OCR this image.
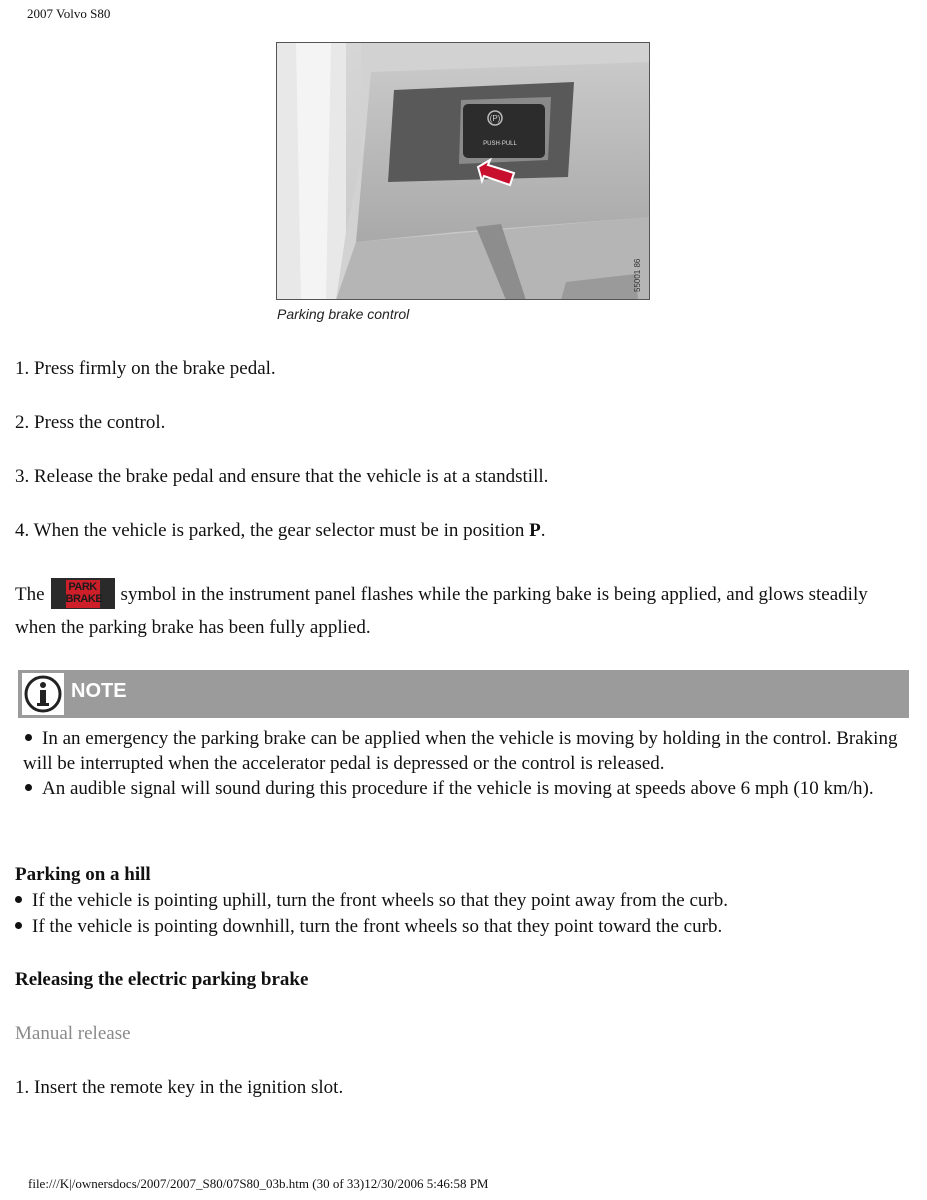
2007 Volvo S80
(P)
PUSH·PULL
55001 86
Parking brake control

1. Press firmly on the brake pedal.

2. Press the control.

3. Release the brake pedal and ensure that the vehicle is at a standstill.

4. When the vehicle is parked, the gear selector must be in position P.

The PARK
BRAKE symbol in the instrument panel flashes while the parking bake is being applied, and glows steadily when the parking brake has been fully applied.

NOTE
In an emergency the parking brake can be applied when the vehicle is moving by holding in the control. Braking will be interrupted when the accelerator pedal is depressed or the control is released.
An audible signal will sound during this procedure if the vehicle is moving at speeds above 6 mph (10 km/h).

Parking on a hill

If the vehicle is pointing uphill, turn the front wheels so that they point away from the curb.
If the vehicle is pointing downhill, turn the front wheels so that they point toward the curb.

Releasing the electric parking brake

Manual release

1. Insert the remote key in the ignition slot.

file:///K|/ownersdocs/2007/2007_S80/07S80_03b.htm (30 of 33)12/30/2006 5:46:58 PM
